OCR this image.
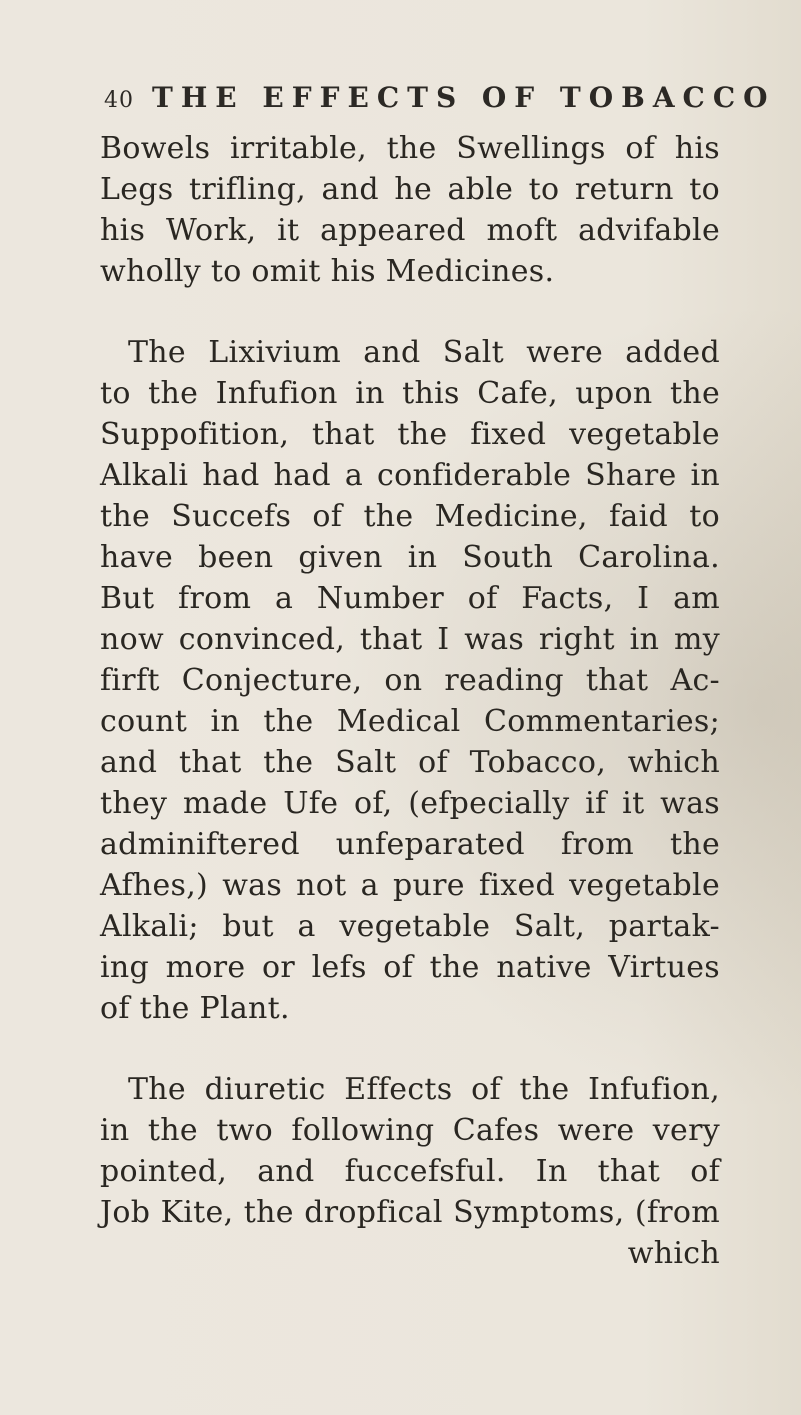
40 THE EFFECTS OF TOBACCO
Bowels irritable, the Swellings of his
Legs trifling, and he able to return to
his Work, it appeared moft advifable
wholly to omit his Medicines.
The Lixivium and Salt were added
to the Infufion in this Cafe, upon the
Suppofition, that the fixed vegetable
Alkali had had a confiderable Share in
the Succefs of the Medicine, faid to
have been given in South Carolina.
But from a Number of Facts, I am
now convinced, that I was right in my
firft Conjecture, on reading that Ac-
count in the Medical Commentaries;
and that the Salt of Tobacco, which
they made Ufe of, (efpecially if it was
adminiftered unfeparated from the
Afhes,) was not a pure fixed vegetable
Alkali; but a vegetable Salt, partak-
ing more or lefs of the native Virtues
of the Plant.
The diuretic Effects of the Infufion,
in the two following Cafes were very
pointed, and fuccefsful. In that of
Job Kite, the dropfical Symptoms, (from
which
